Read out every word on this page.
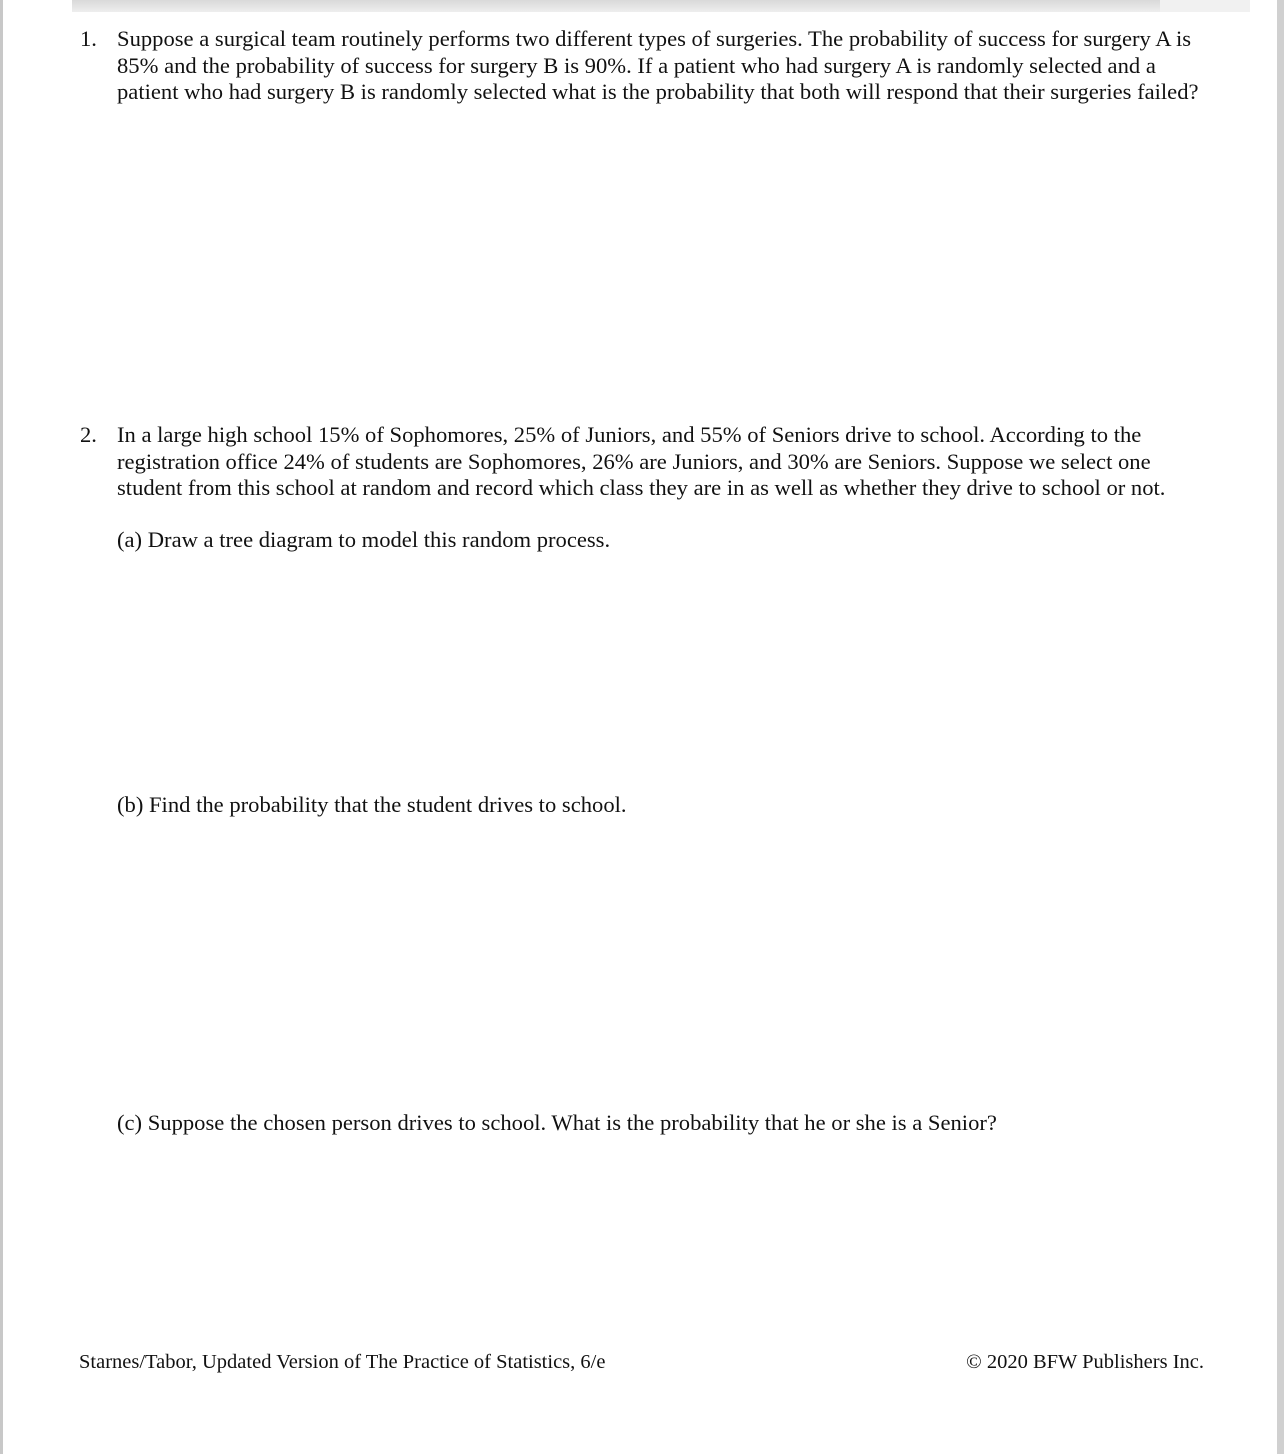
1. Suppose a surgical team routinely performs two different types of surgeries. The probability of success for surgery A is 85% and the probability of success for surgery B is 90%. If a patient who had surgery A is randomly selected and a patient who had surgery B is randomly selected what is the probability that both will respond that their surgeries failed?
2. In a large high school 15% of Sophomores, 25% of Juniors, and 55% of Seniors drive to school. According to the registration office 24% of students are Sophomores, 26% are Juniors, and 30% are Seniors. Suppose we select one student from this school at random and record which class they are in as well as whether they drive to school or not.
(a) Draw a tree diagram to model this random process.
(b) Find the probability that the student drives to school.
(c) Suppose the chosen person drives to school. What is the probability that he or she is a Senior?
Starnes/Tabor, Updated Version of The Practice of Statistics, 6/e	© 2020 BFW Publishers Inc.
